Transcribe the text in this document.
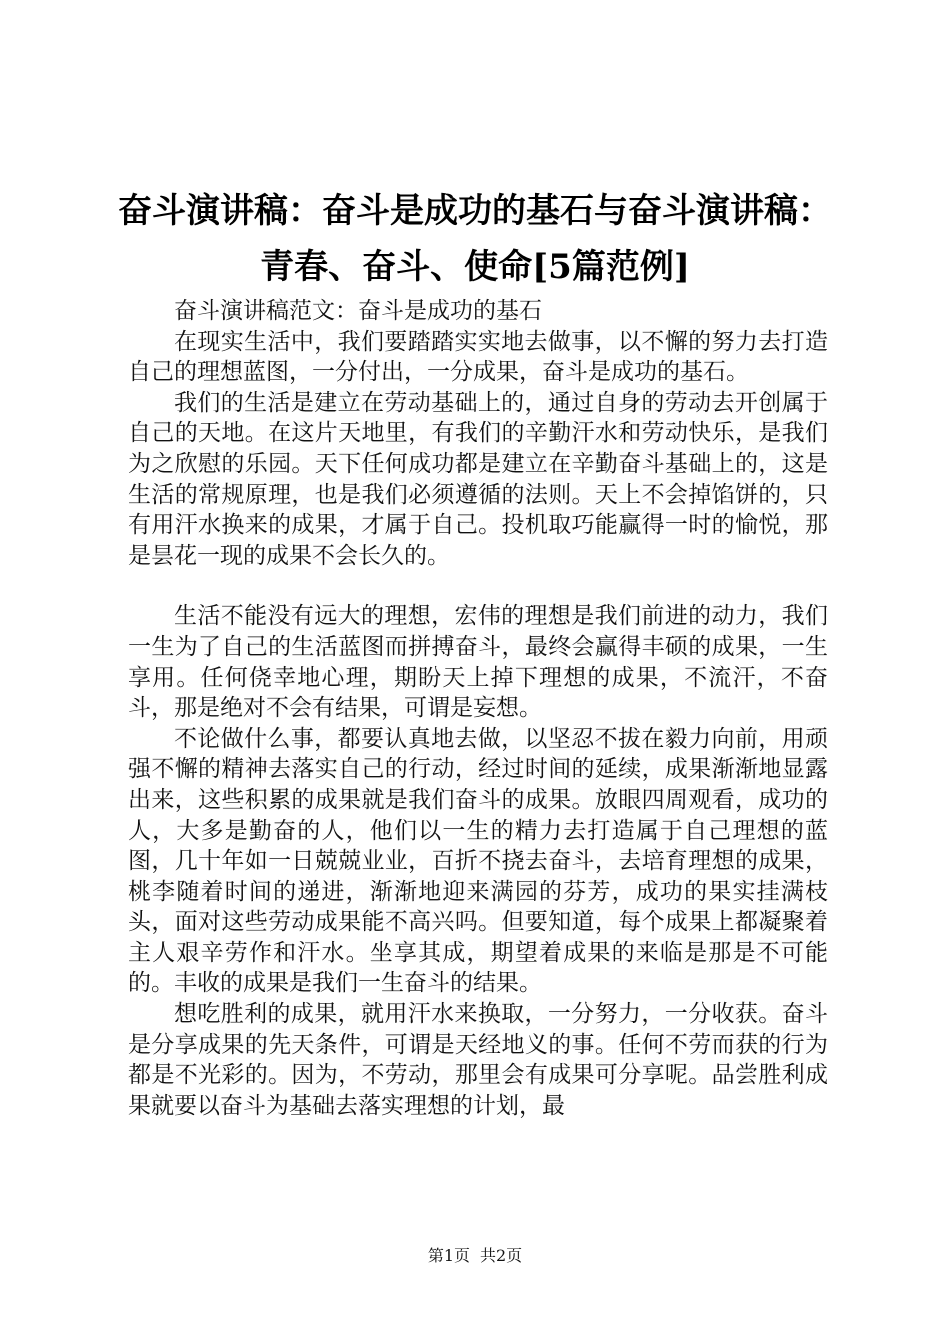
奋斗演讲稿：奋斗是成功的基石与奋斗演讲稿：
青春、奋斗、使命[5篇范例]

奋斗演讲稿范文：奋斗是成功的基石

在现实生活中，我们要踏踏实实地去做事，以不懈的努力去打造自己的理想蓝图，一分付出，一分成果，奋斗是成功的基石。

我们的生活是建立在劳动基础上的，通过自身的劳动去开创属于自己的天地。在这片天地里，有我们的辛勤汗水和劳动快乐，是我们为之欣慰的乐园。天下任何成功都是建立在辛勤奋斗基础上的，这是生活的常规原理，也是我们必须遵循的法则。天上不会掉馅饼的，只有用汗水换来的成果，才属于自己。投机取巧能赢得一时的愉悦，那是昙花一现的成果不会长久的。

生活不能没有远大的理想，宏伟的理想是我们前进的动力，我们一生为了自己的生活蓝图而拼搏奋斗，最终会赢得丰硕的成果，一生享用。任何侥幸地心理，期盼天上掉下理想的成果，不流汗，不奋斗，那是绝对不会有结果，可谓是妄想。

不论做什么事，都要认真地去做，以坚忍不拔在毅力向前，用顽强不懈的精神去落实自己的行动，经过时间的延续，成果渐渐地显露出来，这些积累的成果就是我们奋斗的成果。放眼四周观看，成功的人，大多是勤奋的人，他们以一生的精力去打造属于自己理想的蓝图，几十年如一日兢兢业业，百折不挠去奋斗，去培育理想的成果，桃李随着时间的递进，渐渐地迎来满园的芬芳，成功的果实挂满枝头，面对这些劳动成果能不高兴吗。但要知道，每个成果上都凝聚着主人艰辛劳作和汗水。坐享其成，期望着成果的来临是那是不可能的。丰收的成果是我们一生奋斗的结果。

想吃胜利的成果，就用汗水来换取，一分努力，一分收获。奋斗是分享成果的先天条件，可谓是天经地义的事。任何不劳而获的行为都是不光彩的。因为，不劳动，那里会有成果可分享呢。品尝胜利成果就要以奋斗为基础去落实理想的计划，最

第1页 共2页
